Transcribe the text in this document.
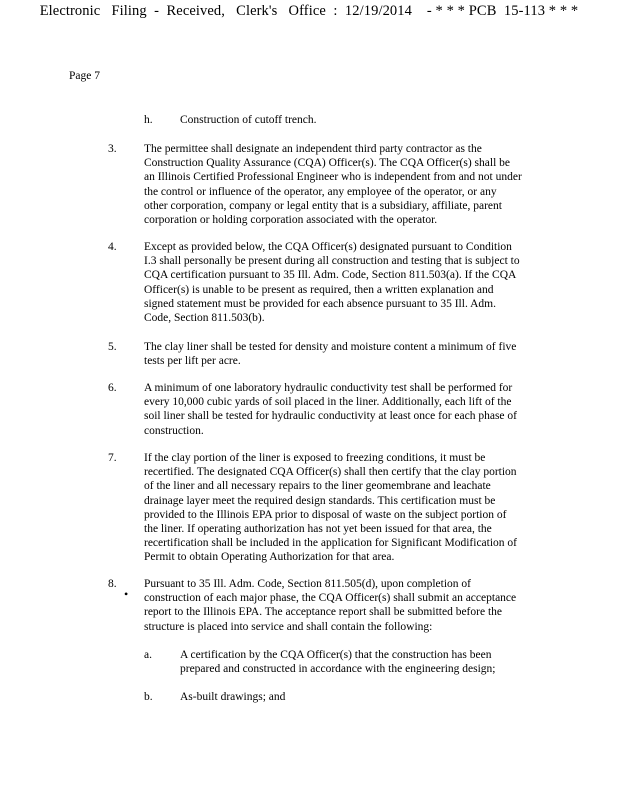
Electronic   Filing  -  Received,   Clerk's   Office  :  12/19/2014    - * * * PCB  15-113 * * *
Page 7
h. Construction of cutoff trench.
3. The permittee shall designate an independent third party contractor as the
Construction Quality Assurance (CQA) Officer(s). The CQA Officer(s) shall be
an Illinois Certified Professional Engineer who is independent from and not under
the control or influence of the operator, any employee of the operator, or any
other corporation, company or legal entity that is a subsidiary, affiliate, parent
corporation or holding corporation associated with the operator.
4. Except as provided below, the CQA Officer(s) designated pursuant to Condition
I.3 shall personally be present during all construction and testing that is subject to
CQA certification pursuant to 35 Ill. Adm. Code, Section 811.503(a). If the CQA
Officer(s) is unable to be present as required, then a written explanation and
signed statement must be provided for each absence pursuant to 35 Ill. Adm.
Code, Section 811.503(b).
5. The clay liner shall be tested for density and moisture content a minimum of five
tests per lift per acre.
6. A minimum of one laboratory hydraulic conductivity test shall be performed for
every 10,000 cubic yards of soil placed in the liner. Additionally, each lift of the
soil liner shall be tested for hydraulic conductivity at least once for each phase of
construction.
7. If the clay portion of the liner is exposed to freezing conditions, it must be
recertified. The designated CQA Officer(s) shall then certify that the clay portion
of the liner and all necessary repairs to the liner geomembrane and leachate
drainage layer meet the required design standards. This certification must be
provided to the Illinois EPA prior to disposal of waste on the subject portion of
the liner. If operating authorization has not yet been issued for that area, the
recertification shall be included in the application for Significant Modification of
Permit to obtain Operating Authorization for that area.
8. Pursuant to 35 Ill. Adm. Code, Section 811.505(d), upon completion of
construction of each major phase, the CQA Officer(s) shall submit an acceptance
report to the Illinois EPA. The acceptance report shall be submitted before the
structure is placed into service and shall contain the following:
•
a. A certification by the CQA Officer(s) that the construction has been
prepared and constructed in accordance with the engineering design;
b. As-built drawings; and
